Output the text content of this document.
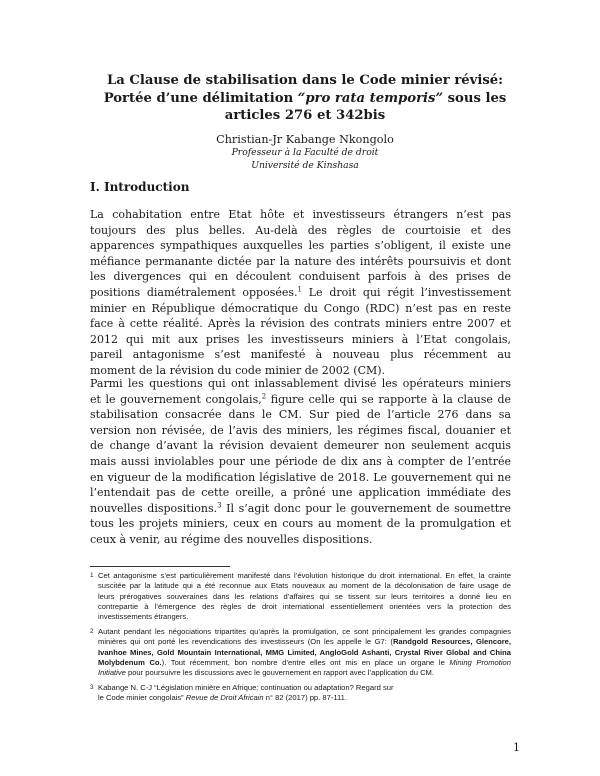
La Clause de stabilisation dans le Code minier révisé:
Portée d’une délimitation “pro rata temporis” sous les
articles 276 et 342bis
Christian-Jr Kabange Nkongolo
Professeur à la Faculté de droit
Université de Kinshasa
I. Introduction
La cohabitation entre Etat hôte et investisseurs étrangers n’est pas
toujours des plus belles. Au-delà des règles de courtoisie et des
apparences sympathiques auxquelles les parties s’obligent, il existe une
méfiance permanante dictée par la nature des intérêts poursuivis et dont
les divergences qui en découlent conduisent parfois à des prises de
positions diamétralement opposées.$^1$ Le droit qui régit l’investissement
minier en République démocratique du Congo (RDC) n’est pas en reste
face à cette réalité. Après la révision des contrats miniers entre 2007 et
2012 qui mit aux prises les investisseurs miniers à l’Etat congolais,
pareil antagonisme s’est manifesté à nouveau plus récemment au
moment de la révision du code minier de 2002 (CM).
Parmi les questions qui ont inlassablement divisé les opérateurs miniers
et le gouvernement congolais,$^2$ figure celle qui se rapporte à la clause de
stabilisation consacrée dans le CM. Sur pied de l’article 276 dans sa
version non révisée, de l’avis des miniers, les régimes fiscal, douanier et
de change d’avant la révision devaient demeurer non seulement acquis
mais aussi inviolables pour une période de dix ans à compter de l’entrée
en vigueur de la modification législative de 2018. Le gouvernement qui ne
l’entendait pas de cette oreille, a prôné une application immédiate des
nouvelles dispositions.$^3$ Il s’agit donc pour le gouvernement de soumettre
tous les projets miniers, ceux en cours au moment de la promulgation et
ceux à venir, au régime des nouvelles dispositions.
1 Cet antagonisme s’est particulièrement manifesté dans l’évolution historique du droit international. En effet, la crainte
suscitée par la latitude qui a été reconnue aux Etats nouveaux au moment de la décolonisation de faire usage de
leurs prérogatives souveraines dans les relations d’affaires qui se tissent sur leurs territoires a donné lieu en
contrepartie à l’émergence des règles de droit international essentiellement orientées vers la protection des
investissements étrangers.
2 Autant pendant les négociations tripartites qu’après la promulgation, ce sont principalement les grandes compagnies
minières qui ont porté les revendications des investisseurs (On les appelle le G7: (Randgold Resources, Glencore,
Ivanhoe Mines, Gold Mountain International, MMG Limited, AngloGold Ashanti, Crystal River Global and China
Molybdenum Co.). Tout récemment, bon nombre d’entre elles ont mis en place un organe le Mining Promotion
Initiative pour poursuivre les discussions avec le gouvernement en rapport avec l’application du CM.
3 Kabange N. C-J “Législation minière en Afrique: continuation ou adaptation? Regard sur
le Code minier congolais” Revue de Droit Africain n° 82 (2017) pp. 87-111.
1
